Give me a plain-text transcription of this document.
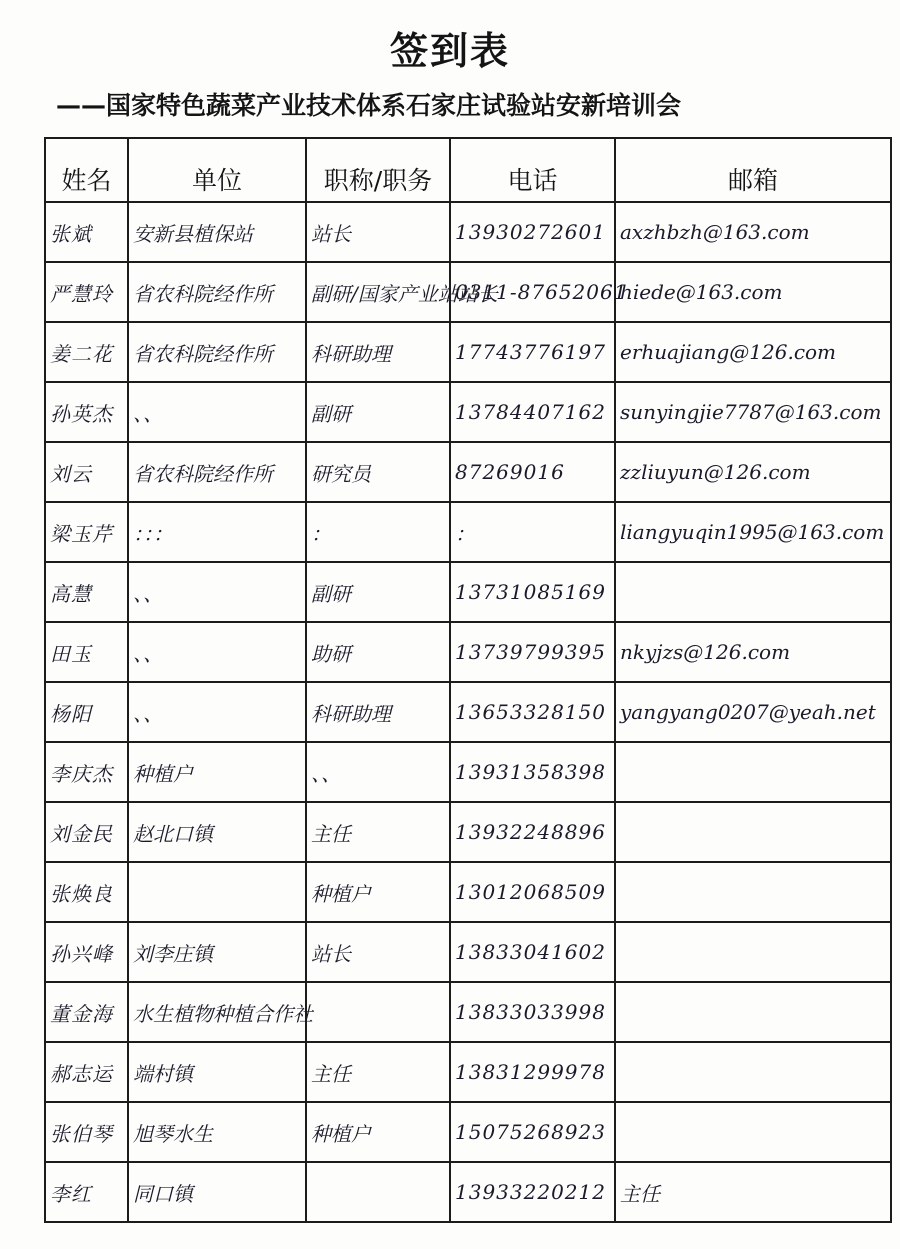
签到表
——国家特色蔬菜产业技术体系石家庄试验站安新培训会
姓名	单位	职称/职务	电话	邮箱
张斌	安新县植保站	站长	13930272601	axzhbzh@163.com
严慧玲	省农科院经作所	副研/国家产业站站长	0311-87652061	hiede@163.com
姜二花	省农科院经作所	科研助理	17743776197	erhuajiang@126.com
孙英杰	、、	副研	13784407162	sunyingjie7787@163.com
刘云	省农科院经作所	研究员	87269016	zzliuyun@126.com
梁玉芹	：：：	：	：	liangyuqin1995@163.com
高慧	、、	副研	13731085169	
田玉	、、	助研	13739799395	nkyjzs@126.com
杨阳	、、	科研助理	13653328150	yangyang0207@yeah.net
李庆杰	种植户	、、	13931358398	
刘金民	赵北口镇	主任	13932248896	
张焕良		种植户	13012068509	
孙兴峰	刘李庄镇	站长	13833041602	
董金海	水生植物种植合作社		13833033998	
郝志运	端村镇	主任	13831299978	
张伯琴	旭琴水生	种植户	15075268923	
李红	同口镇		13933220212	主任
